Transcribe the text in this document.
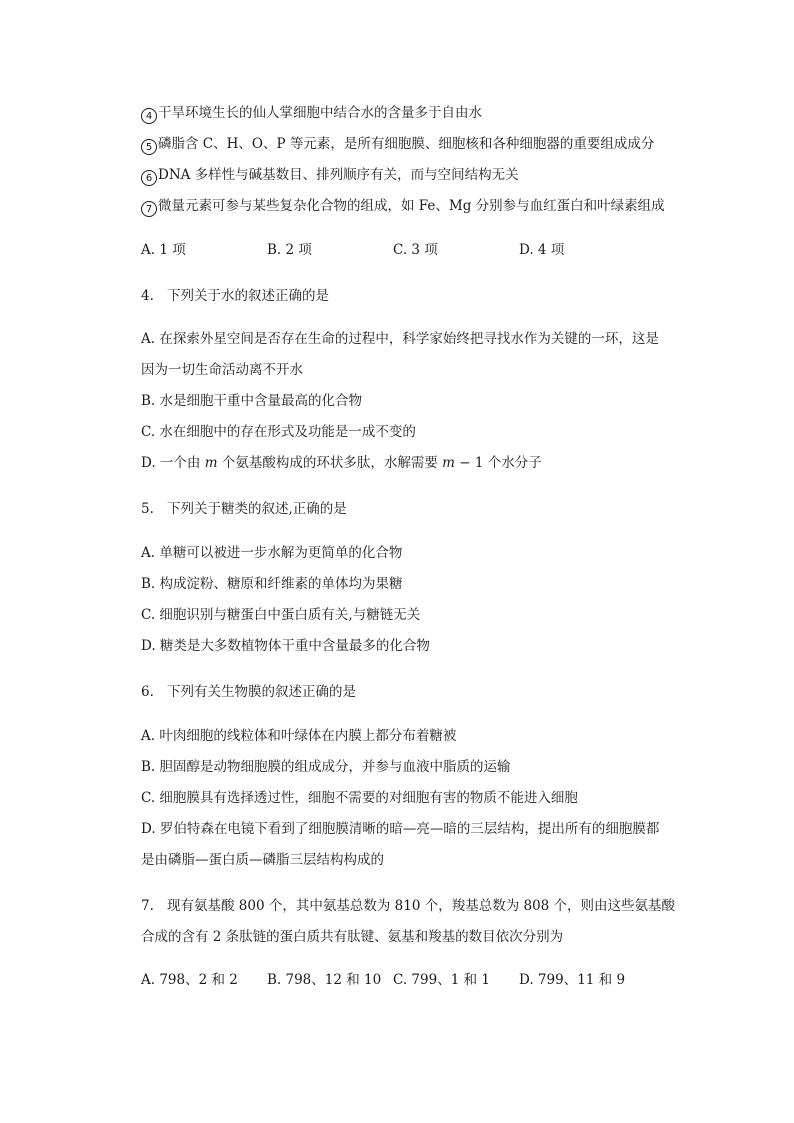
4 干旱环境生长的仙人掌细胞中结合水的含量多于自由水
5 磷脂含 C、H、O、P 等元素，是所有细胞膜、细胞核和各种细胞器的重要组成成分
6 DNA 多样性与碱基数目、排列顺序有关，而与空间结构无关
7 微量元素可参与某些复杂化合物的组成，如 Fe、Mg 分别参与血红蛋白和叶绿素组成
A. 1 项	B. 2 项	C. 3 项	D. 4 项
4. 下列关于水的叙述正确的是
A. 在探索外星空间是否存在生命的过程中，科学家始终把寻找水作为关键的一环，这是
因为一切生命活动离不开水
B. 水是细胞干重中含量最高的化合物
C. 水在细胞中的存在形式及功能是一成不变的
D. 一个由 m 个氨基酸构成的环状多肽，水解需要 m − 1 个水分子
5. 下列关于糖类的叙述,正确的是
A. 单糖可以被进一步水解为更简单的化合物
B. 构成淀粉、糖原和纤维素的单体均为果糖
C. 细胞识别与糖蛋白中蛋白质有关,与糖链无关
D. 糖类是大多数植物体干重中含量最多的化合物
6. 下列有关生物膜的叙述正确的是
A. 叶肉细胞的线粒体和叶绿体在内膜上都分布着糖被
B. 胆固醇是动物细胞膜的组成成分，并参与血液中脂质的运输
C. 细胞膜具有选择透过性，细胞不需要的对细胞有害的物质不能进入细胞
D. 罗伯特森在电镜下看到了细胞膜清晰的暗—亮—暗的三层结构，提出所有的细胞膜都
是由磷脂—蛋白质—磷脂三层结构构成的
7. 现有氨基酸 800 个，其中氨基总数为 810 个，羧基总数为 808 个，则由这些氨基酸
合成的含有 2 条肽链的蛋白质共有肽键、氨基和羧基的数目依次分别为
A. 798、2 和 2 B. 798、12 和 10 C. 799、1 和 1 D. 799、11 和 9
